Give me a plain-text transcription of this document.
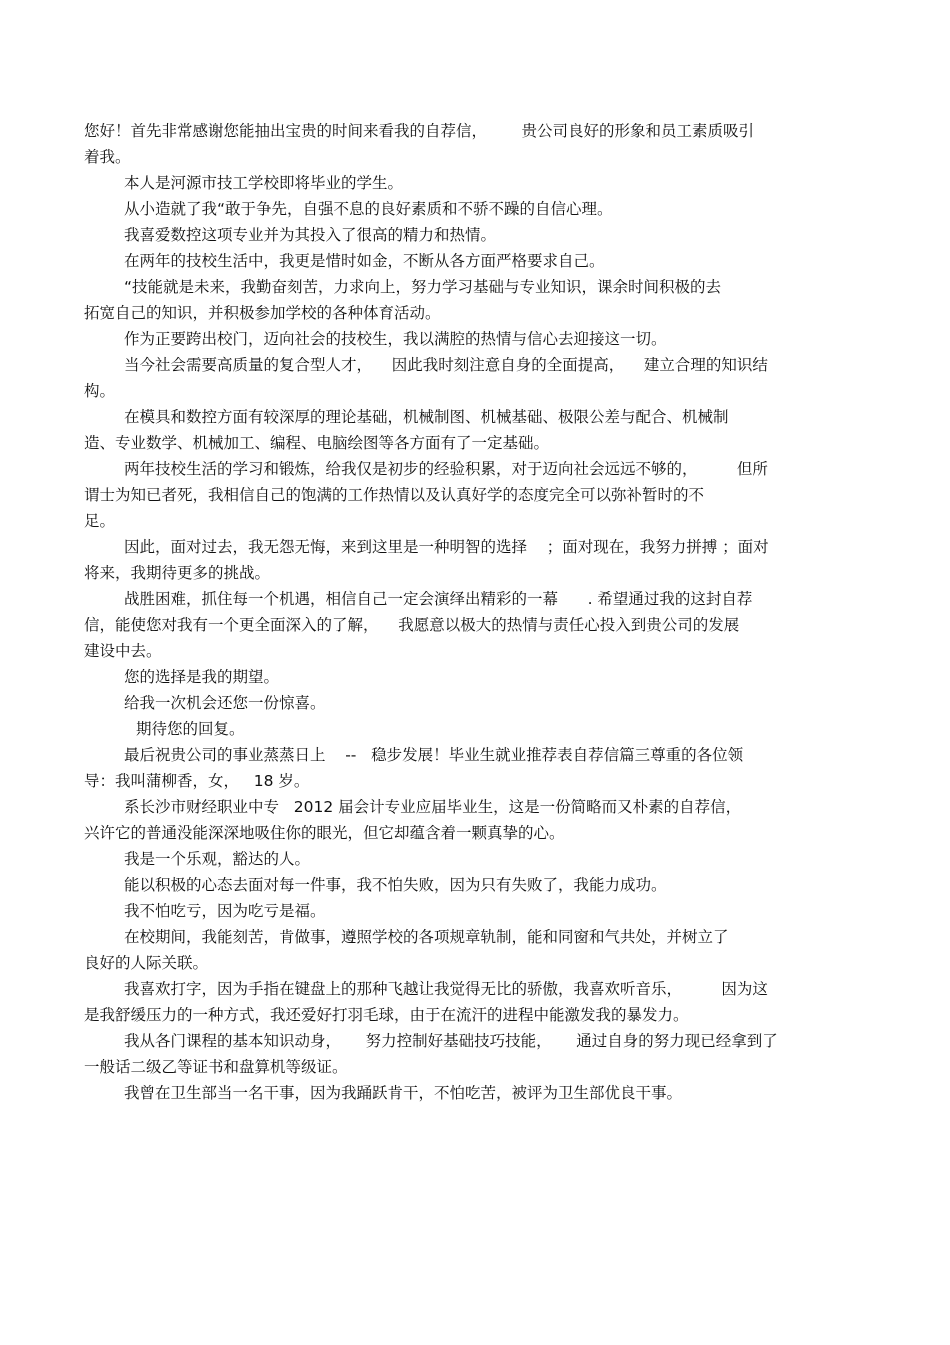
您好！首先非常感谢您能抽出宝贵的时间来看我的自荐信，       贵公司良好的形象和员工素质吸引
着我。
本人是河源市技工学校即将毕业的学生。
从小造就了我“敢于争先，自强不息的良好素质和不骄不躁的自信心理。
我喜爱数控这项专业并为其投入了很高的精力和热情。
在两年的技校生活中，我更是惜时如金，不断从各方面严格要求自己。
“技能就是未来，我勤奋刻苦，力求向上，努力学习基础与专业知识，课余时间积极的去
拓宽自己的知识，并积极参加学校的各种体育活动。
作为正要跨出校门，迈向社会的技校生，我以满腔的热情与信心去迎接这一切。
当今社会需要高质量的复合型人才，    因此我时刻注意自身的全面提高，    建立合理的知识结
构。
在模具和数控方面有较深厚的理论基础，机械制图、机械基础、极限公差与配合、机械制
造、专业数学、机械加工、编程、电脑绘图等各方面有了一定基础。
两年技校生活的学习和锻炼，给我仅是初步的经验积累，对于迈向社会远远不够的，        但所
谓士为知已者死，我相信自己的饱满的工作热情以及认真好学的态度完全可以弥补暂时的不
足。
因此，面对过去，我无怨无悔，来到这里是一种明智的选择    ；面对现在，我努力拼搏 ；面对
将来，我期待更多的挑战。
战胜困难，抓住每一个机遇，相信自己一定会演绎出精彩的一幕      . 希望通过我的这封自荐
信，能使您对我有一个更全面深入的了解，    我愿意以极大的热情与责任心投入到贵公司的发展
建设中去。
您的选择是我的期望。
给我一次机会还您一份惊喜。
期待您的回复。
最后祝贵公司的事业蒸蒸日上    --   稳步发展！毕业生就业推荐表自荐信篇三尊重的各位领
导：我叫蒲柳香，女，   18 岁。
系长沙市财经职业中专   2012 届会计专业应届毕业生，这是一份简略而又朴素的自荐信，
兴许它的普通没能深深地吸住你的眼光，但它却蕴含着一颗真挚的心。
我是一个乐观，豁达的人。
能以积极的心态去面对每一件事，我不怕失败，因为只有失败了，我能力成功。
我不怕吃亏，因为吃亏是福。
在校期间，我能刻苦，肯做事，遵照学校的各项规章轨制，能和同窗和气共处，并树立了
良好的人际关联。
我喜欢打字，因为手指在键盘上的那种飞越让我觉得无比的骄傲，我喜欢听音乐，        因为这
是我舒缓压力的一种方式，我还爱好打羽毛球，由于在流汗的进程中能激发我的暴发力。
我从各门课程的基本知识动身，     努力控制好基础技巧技能，     通过自身的努力现已经拿到了
一般话二级乙等证书和盘算机等级证。
我曾在卫生部当一名干事，因为我踊跃肯干，不怕吃苦，被评为卫生部优良干事。
